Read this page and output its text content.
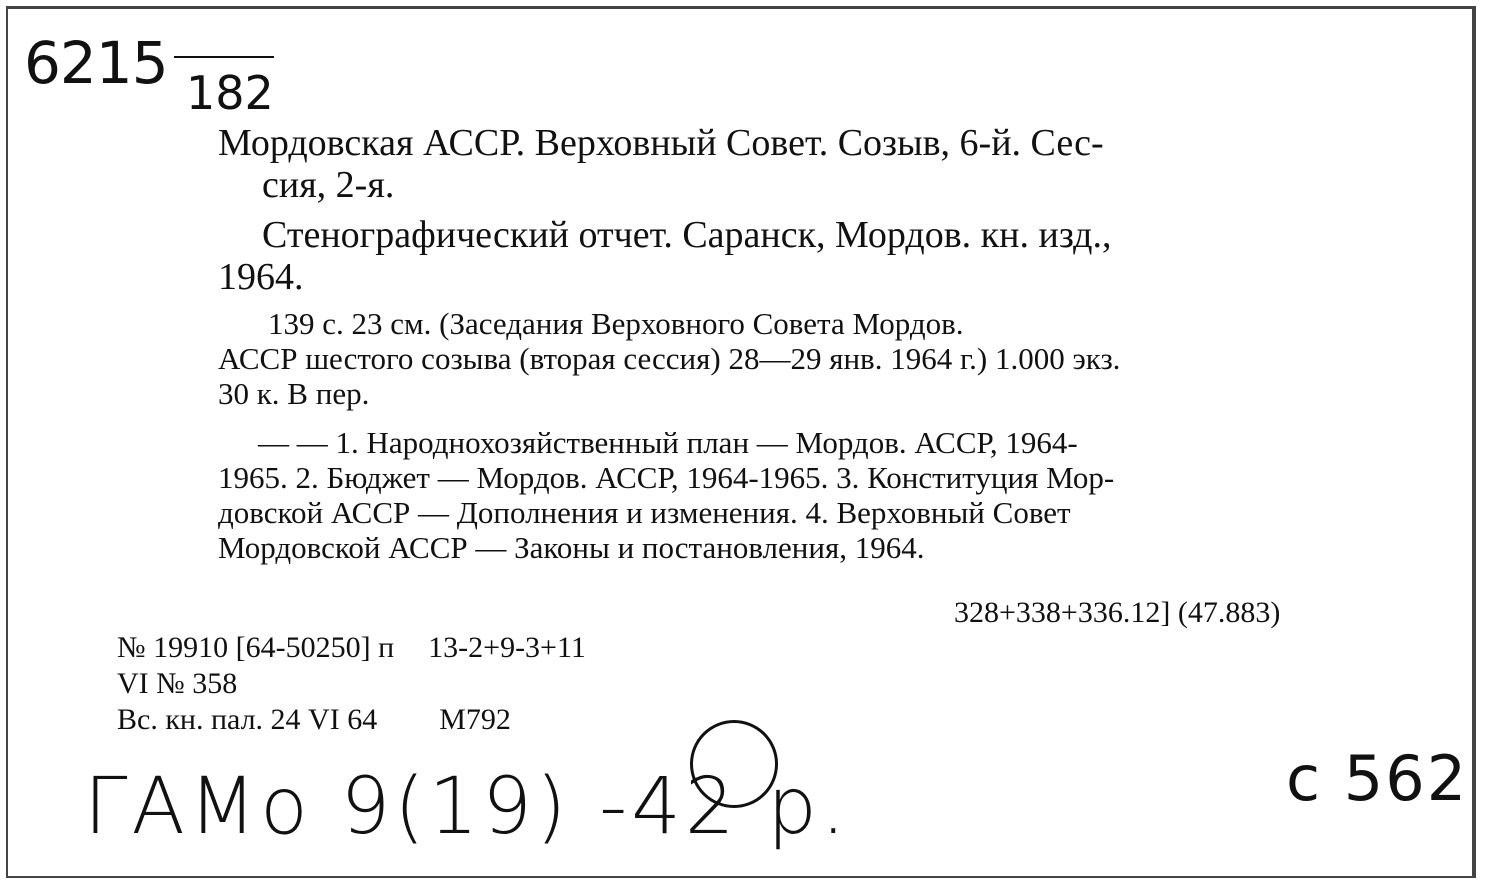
6215 182
Мордовская АССР. Верховный Совет. Созыв, 6-й. Сес-
сия, 2-я.
Стенографический отчет. Саранск, Мордов. кн. изд.,
1964.
139 с. 23 см. (Заседания Верховного Совета Мордов.
АССР шестого созыва (вторая сессия) 28—29 янв. 1964 г.) 1.000 экз.
30 к. В пер.
— — 1. Народнохозяйственный план — Мордов. АССР, 1964-
1965. 2. Бюджет — Мордов. АССР, 1964-1965. 3. Конституция Мор-
довской АССР — Дополнения и изменения. 4. Верховный Совет
Мордовской АССР — Законы и постановления, 1964.
328+338+336.12] (47.883)
№ 19910 [64-50250] п 13-2+9-3+11
VI № 358
Вс. кн. пал. 24 VI 64 М792
ГАМо 9(19) -42 р.	с 562
